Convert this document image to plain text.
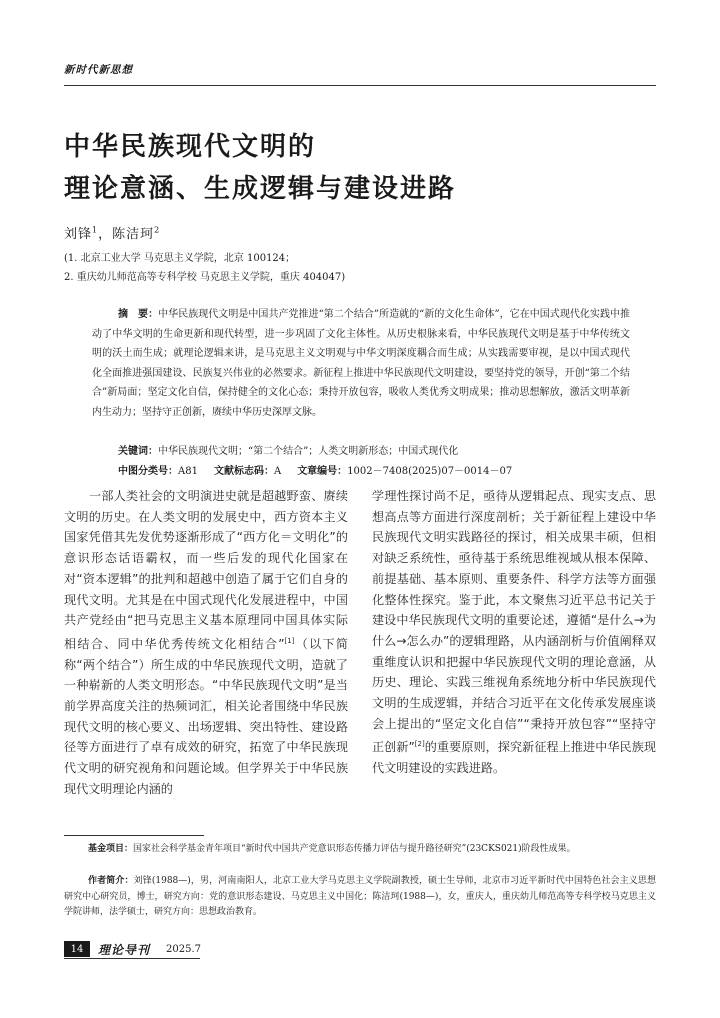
新时代新思想
中华民族现代文明的
理论意涵、生成逻辑与建设进路
刘锋$^1$，陈洁珂$^2$
(1. 北京工业大学 马克思主义学院，北京 100124；
2. 重庆幼儿师范高等专科学校 马克思主义学院，重庆 404047)
摘　要：中华民族现代文明是中国共产党推进“第二个结合”所造就的“新的文化生命体”，它在中国式现代化实践中推动了中华文明的生命更新和现代转型，进一步巩固了文化主体性。从历史根脉来看，中华民族现代文明是基于中华传统文明的沃土而生成；就理论逻辑来讲，是马克思主义文明观与中华文明深度耦合而生成；从实践需要审视，是以中国式现代化全面推进强国建设、民族复兴伟业的必然要求。新征程上推进中华民族现代文明建设，要坚持党的领导，开创“第二个结合”新局面；坚定文化自信，保持健全的文化心态；秉持开放包容，吸收人类优秀文明成果；推动思想解放，激活文明革新内生动力；坚持守正创新，赓续中华历史深厚文脉。
关键词：中华民族现代文明；“第二个结合”；人类文明新形态；中国式现代化
中图分类号：A81 文献标志码：A 文章编号：1002－7408(2025)07－0014－07
一部人类社会的文明演进史就是超越野蛮、赓续文明的历史。在人类文明的发展史中，西方资本主义国家凭借其先发优势逐渐形成了“西方化＝文明化”的意识形态话语霸权，而一些后发的现代化国家在对“资本逻辑”的批判和超越中创造了属于它们自身的现代文明。尤其是在中国式现代化发展进程中，中国共产党经由“把马克思主义基本原理同中国具体实际相结合、同中华优秀传统文化相结合”[1]（以下简称“两个结合”）所生成的中华民族现代文明，造就了一种崭新的人类文明形态。“中华民族现代文明”是当前学界高度关注的热频词汇，相关论者围绕中华民族现代文明的核心要义、出场逻辑、突出特性、建设路径等方面进行了卓有成效的研究，拓宽了中华民族现代文明的研究视角和问题论域。但学界关于中华民族现代文明理论内涵的
学理性探讨尚不足，亟待从逻辑起点、现实支点、思想高点等方面进行深度剖析；关于新征程上建设中华民族现代文明实践路径的探讨，相关成果丰硕，但相对缺乏系统性，亟待基于系统思维视域从根本保障、前提基础、基本原则、重要条件、科学方法等方面强化整体性探究。鉴于此，本文聚焦习近平总书记关于建设中华民族现代文明的重要论述，遵循“是什么→为什么→怎么办”的逻辑理路，从内涵剖析与价值阐释双重维度认识和把握中华民族现代文明的理论意涵，从历史、理论、实践三维视角系统地分析中华民族现代文明的生成逻辑，并结合习近平在文化传承发展座谈会上提出的“坚定文化自信”“秉持开放包容”“坚持守正创新”[2]的重要原则，探究新征程上推进中华民族现代文明建设的实践进路。
基金项目：国家社会科学基金青年项目“新时代中国共产党意识形态传播力评估与提升路径研究”(23CKS021)阶段性成果。
作者简介：刘锋(1988—)，男，河南南阳人，北京工业大学马克思主义学院副教授，硕士生导师，北京市习近平新时代中国特色社会主义思想研究中心研究员，博士，研究方向：党的意识形态建设、马克思主义中国化；陈洁珂(1988—)，女，重庆人，重庆幼儿师范高等专科学校马克思主义学院讲师，法学硕士，研究方向：思想政治教育。
14	理论导刊 2025.7
